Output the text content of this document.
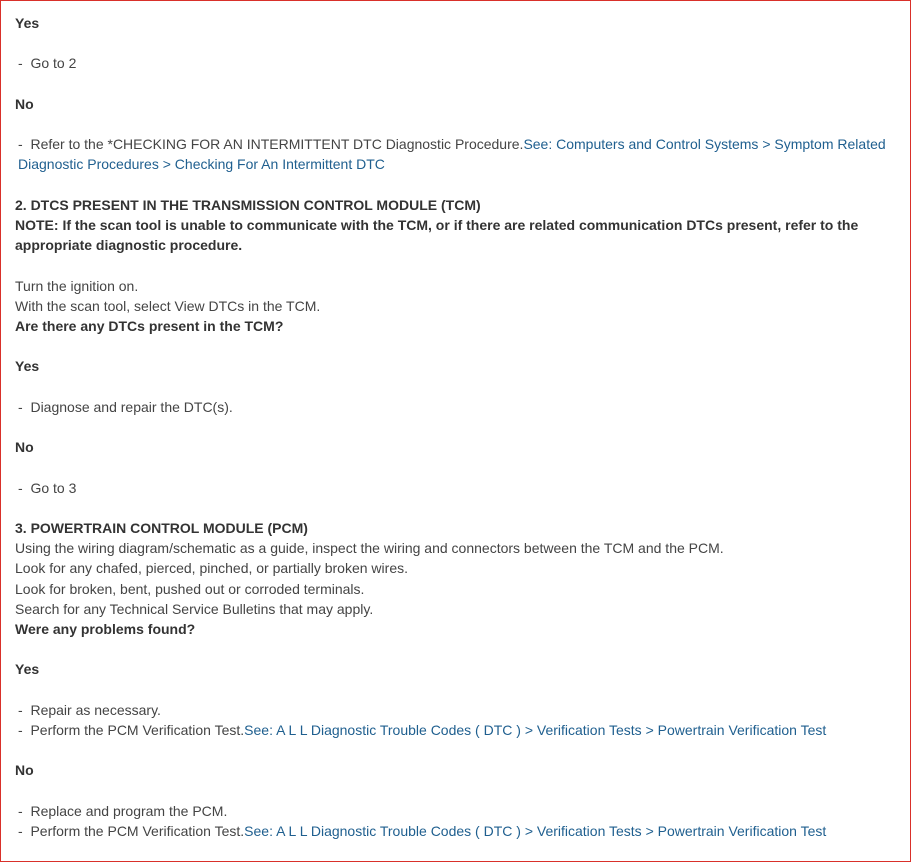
Yes
-  Go to 2
No
-  Refer to the *CHECKING FOR AN INTERMITTENT DTC Diagnostic Procedure.See: Computers and Control Systems > Symptom Related Diagnostic Procedures > Checking For An Intermittent DTC
2. DTCS PRESENT IN THE TRANSMISSION CONTROL MODULE (TCM)
NOTE: If the scan tool is unable to communicate with the TCM, or if there are related communication DTCs present, refer to the appropriate diagnostic procedure.
Turn the ignition on.
With the scan tool, select View DTCs in the TCM.
Are there any DTCs present in the TCM?
Yes
-  Diagnose and repair the DTC(s).
No
-  Go to 3
3. POWERTRAIN CONTROL MODULE (PCM)
Using the wiring diagram/schematic as a guide, inspect the wiring and connectors between the TCM and the PCM.
Look for any chafed, pierced, pinched, or partially broken wires.
Look for broken, bent, pushed out or corroded terminals.
Search for any Technical Service Bulletins that may apply.
Were any problems found?
Yes
-  Repair as necessary.
-  Perform the PCM Verification Test.See: A L L Diagnostic Trouble Codes ( DTC ) > Verification Tests > Powertrain Verification Test
No
-  Replace and program the PCM.
-  Perform the PCM Verification Test.See: A L L Diagnostic Trouble Codes ( DTC ) > Verification Tests > Powertrain Verification Test
